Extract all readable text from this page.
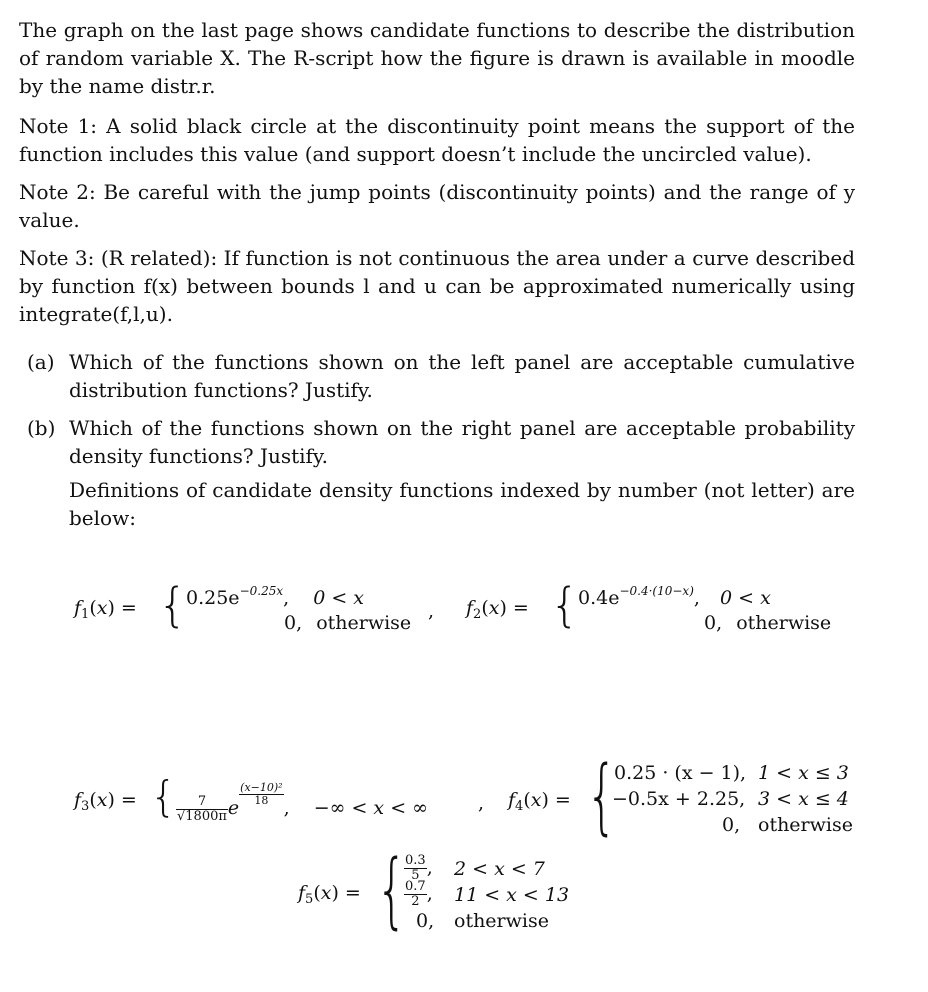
The graph on the last page shows candidate functions to describe the distribution of random variable X. The R-script how the figure is drawn is available in moodle by the name distr.r.
Note 1: A solid black circle at the discontinuity point means the support of the function includes this value (and support doesn’t include the uncircled value).
Note 2: Be careful with the jump points (discontinuity points) and the range of y value.
Note 3: (R related): If function is not continuous the area under a curve described by function f(x) between bounds l and u can be approximated numerically using integrate(f,l,u).
(a) Which of the functions shown on the left panel are acceptable cumulative distribution functions? Justify.
(b) Which of the functions shown on the right panel are acceptable probability density functions? Justify.
Definitions of candidate density functions indexed by number (not letter) are below:
$f_1(x)$ = {
$0.25e^{-0.25x}$, 0 < x
0, otherwise
, $f_2(x)$ = {
$0.4e^{-0.4\cdot(10-x)}$, 0 < x
0, otherwise
$f_3(x)$ = { $\frac{7}{√1800\pi}$ e
$\frac{\text{(x−10)²}}{18}$
, −∞ < x < ∞	, $f_4(x)$ = {
0.25 · (x − 1), 1 < x ≤ 3
−0.5x + 2.25, 3 < x ≤ 4
0, otherwise
$f_5(x)$ = {
$\frac{0.3}{5}$ , 2 < x < 7
$\frac{0.7}{2}$ , 11 < x < 13
0, otherwise
